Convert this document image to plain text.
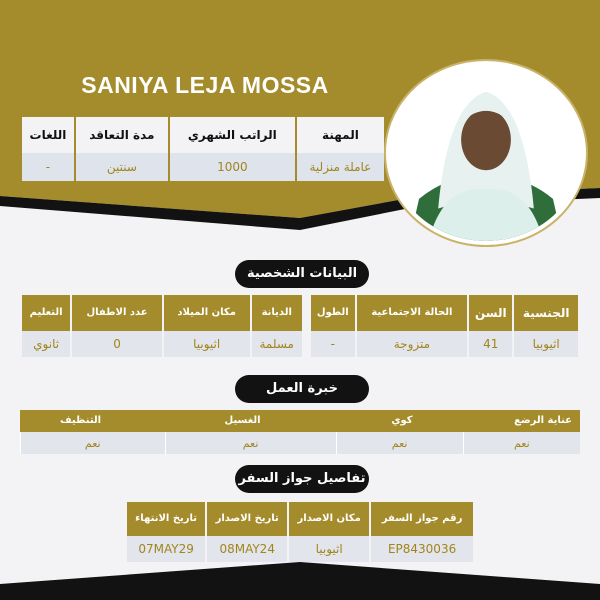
SANIYA LEJA MOSSA
المهنة	الراتب الشهري	مدة التعاقد	اللغات
عاملة منزلية	1000	سنتين	-
البيانات الشخصية
الجنسية	السن	الحالة الاجتماعية	الطول
اثيوبيا	41	متزوجة	-
الديانة	مكان الميلاد	عدد الاطفال	التعليم
مسلمة	اثيوبيا	0	ثانوي
خبرة العمل
عناية الرضع	كوي	الغسيل	التنظيف
نعم	نعم	نعم	نعم
تفاصيل جواز السفر
رقم جواز السفر	مكان الاصدار	تاريخ الاصدار	تاريخ الانتهاء
EP8430036	اثيوبيا	08MAY24	07MAY29
